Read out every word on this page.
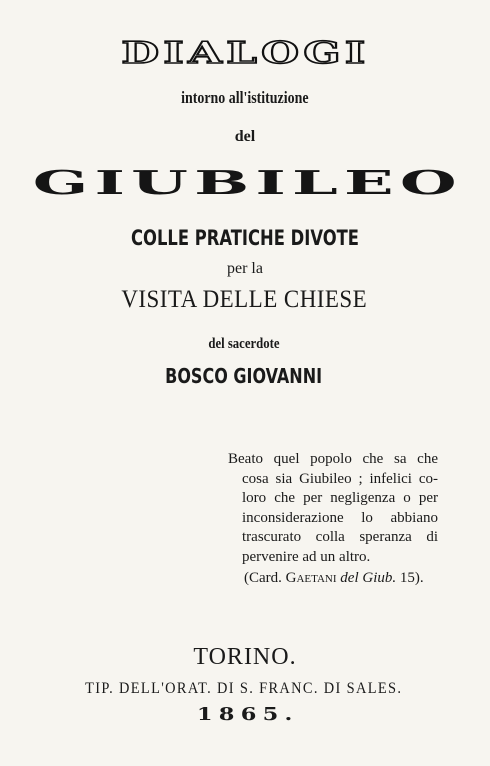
DIALOGI
intorno all'istituzione
del
GIUBILEO
COLLE PRATICHE DIVOTE
per la
VISITA DELLE CHIESE
del sacerdote
BOSCO GIOVANNI
Beato quel popolo che sa che
cosa sia Giubileo ; infelici co-
loro che per negligenza o per
inconsiderazione lo abbiano
trascurato colla speranza di
pervenire ad un altro.
(Card. Gaetani del Giub. 15).
TORINO.
TIP. DELL'ORAT. DI S. FRANC. DI SALES.
1865.
